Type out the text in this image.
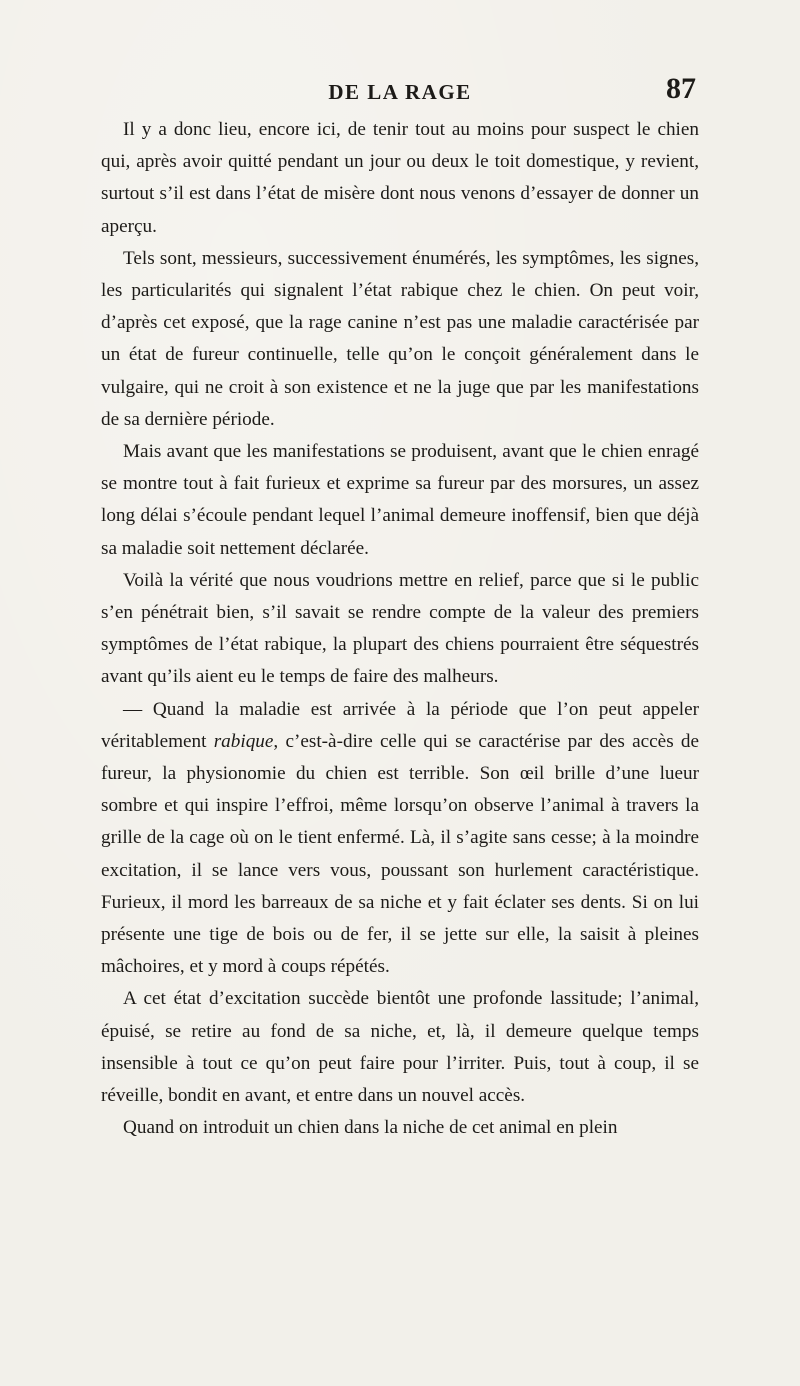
DE LA RAGE	87

Il y a donc lieu, encore ici, de tenir tout au moins pour suspect le chien qui, après avoir quitté pendant un jour ou deux le toit domestique, y revient, surtout s’il est dans l’état de misère dont nous venons d’essayer de donner un aperçu.

Tels sont, messieurs, successivement énumérés, les symptômes, les signes, les particularités qui signalent l’état rabique chez le chien. On peut voir, d’après cet exposé, que la rage canine n’est pas une maladie caractérisée par un état de fureur continuelle, telle qu’on le conçoit généralement dans le vulgaire, qui ne croit à son existence et ne la juge que par les manifestations de sa dernière période.

Mais avant que les manifestations se produisent, avant que le chien enragé se montre tout à fait furieux et exprime sa fureur par des morsures, un assez long délai s’écoule pendant lequel l’animal demeure inoffensif, bien que déjà sa maladie soit nettement déclarée.

Voilà la vérité que nous voudrions mettre en relief, parce que si le public s’en pénétrait bien, s’il savait se rendre compte de la valeur des premiers symptômes de l’état rabique, la plupart des chiens pourraient être séquestrés avant qu’ils aient eu le temps de faire des malheurs.

— Quand la maladie est arrivée à la période que l’on peut appeler véritablement rabique, c’est-à-dire celle qui se caractérise par des accès de fureur, la physionomie du chien est terrible. Son œil brille d’une lueur sombre et qui inspire l’effroi, même lorsqu’on observe l’animal à travers la grille de la cage où on le tient enfermé. Là, il s’agite sans cesse; à la moindre excitation, il se lance vers vous, poussant son hurlement caractéristique. Furieux, il mord les barreaux de sa niche et y fait éclater ses dents. Si on lui présente une tige de bois ou de fer, il se jette sur elle, la saisit à pleines mâchoires, et y mord à coups répétés.

A cet état d’excitation succède bientôt une profonde lassitude; l’animal, épuisé, se retire au fond de sa niche, et, là, il demeure quelque temps insensible à tout ce qu’on peut faire pour l’irriter. Puis, tout à coup, il se réveille, bondit en avant, et entre dans un nouvel accès.

Quand on introduit un chien dans la niche de cet animal en plein
